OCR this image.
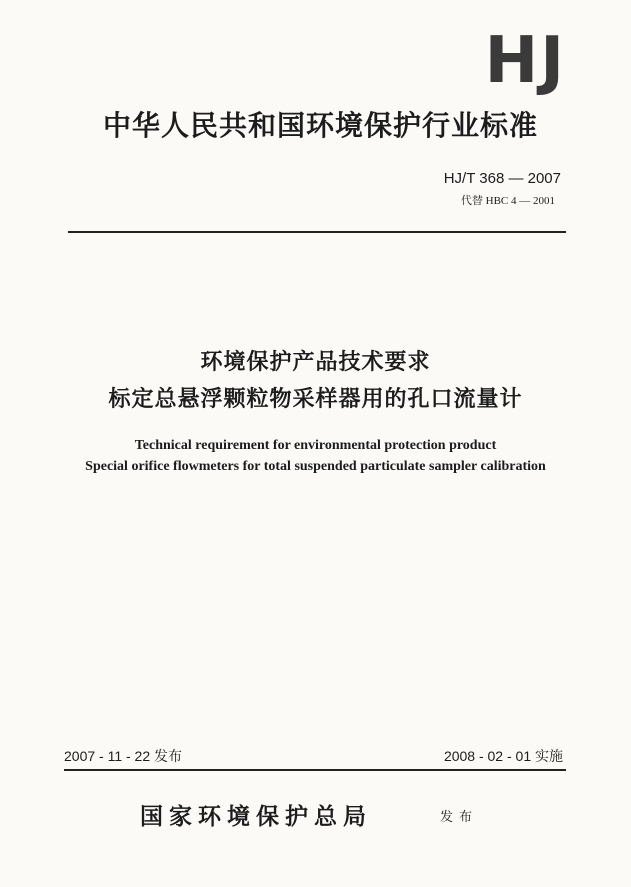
HJ
中华人民共和国环境保护行业标准
HJ/T 368 — 2007
代替 HBC 4 — 2001
环境保护产品技术要求
标定总悬浮颗粒物采样器用的孔口流量计
Technical requirement for environmental protection product
Special orifice flowmeters for total suspended particulate sampler calibration
2007 - 11 - 22 发布	2008 - 02 - 01 实施
国家环境保护总局	发布
